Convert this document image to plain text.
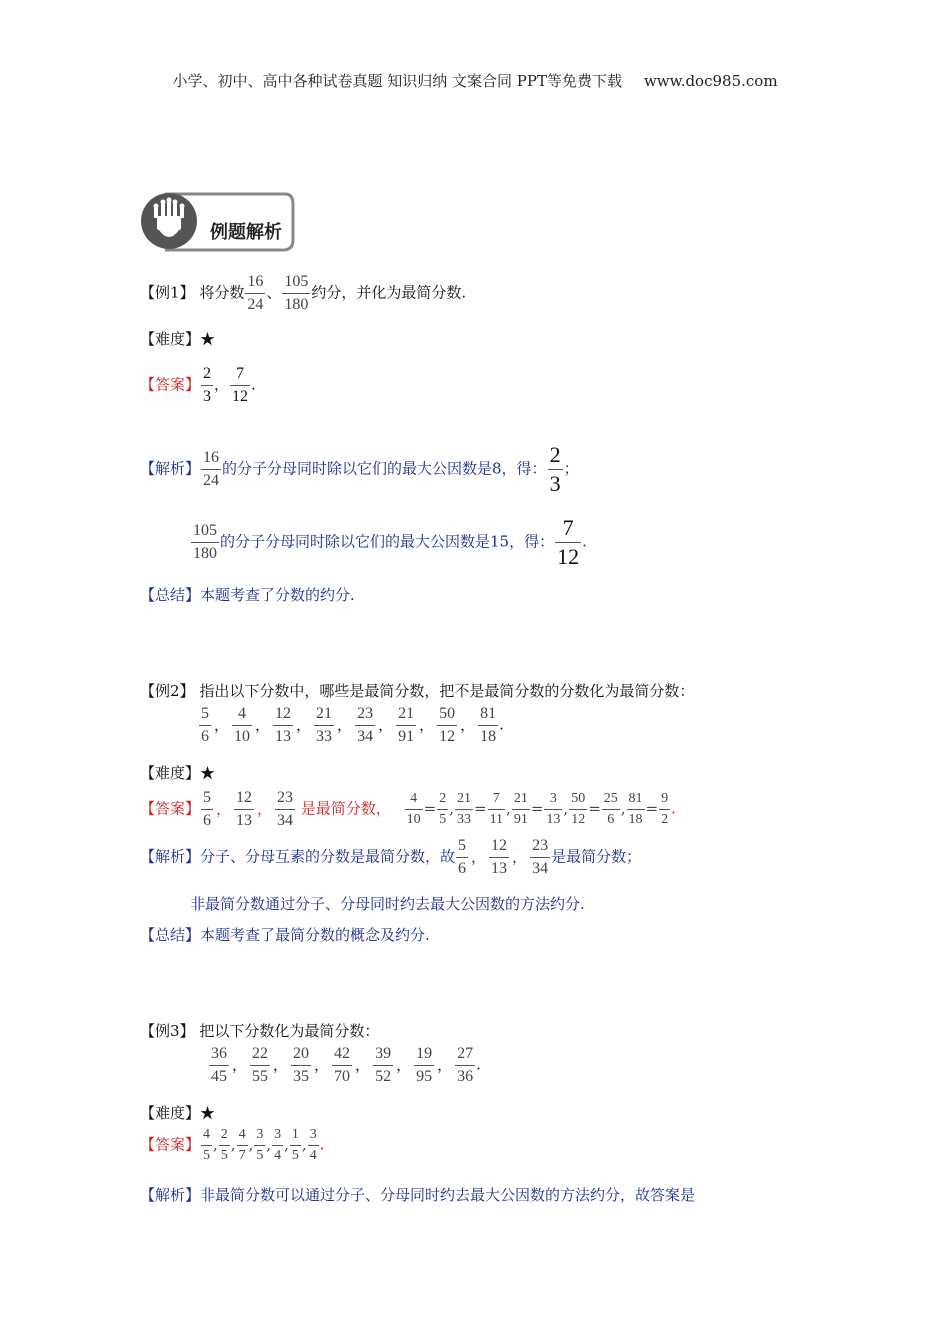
小学、初中、高中各种试卷真题 知识归纳 文案合同 PPT等免费下载 www.doc985.com
例题解析
【例1】 将分数 $\frac{16}{24}$ 、 $\frac{105}{180}$ 约分，并化为最简分数.
【难度】★
【答案】 $\frac{2}{3}$ ， $\frac{7}{12}$ .
【解析】 $\frac{16}{24}$ 的分子分母同时除以它们的最大公因数是8，得： $\frac{2}{3}$ ；
$\frac{105}{180}$ 的分子分母同时除以它们的最大公因数是15，得： $\frac{7}{12}$ .
【总结】本题考查了分数的约分.
【例2】 指出以下分数中，哪些是最简分数，把不是最简分数的分数化为最简分数：
$\frac{5}{6}$ ， $\frac{4}{10}$ ， $\frac{12}{13}$ ， $\frac{21}{33}$ ， $\frac{23}{34}$ ， $\frac{21}{91}$ ， $\frac{50}{12}$ ， $\frac{81}{18}$ .
【难度】★
【答案】 $\frac{5}{6}$ ， $\frac{12}{13}$ ， $\frac{23}{34}$ 是最简分数， $\frac{4}{10} = \frac{2}{5}$ , $\frac{21}{33} = \frac{7}{11}$ , $\frac{21}{91} = \frac{3}{13}$ , $\frac{50}{12} = \frac{25}{6}$ , $\frac{81}{18} = \frac{9}{2}$ .
【解析】分子、分母互素的分数是最简分数，故 $\frac{5}{6}$ ， $\frac{12}{13}$ ， $\frac{23}{34}$ 是最简分数；
非最简分数通过分子、分母同时约去最大公因数的方法约分.
【总结】本题考查了最简分数的概念及约分.
【例3】 把以下分数化为最简分数：
$\frac{36}{45}$ ， $\frac{22}{55}$ ， $\frac{20}{35}$ ， $\frac{42}{70}$ ， $\frac{39}{52}$ ， $\frac{19}{95}$ ， $\frac{27}{36}$ .
【难度】★
【答案】 $\frac{4}{5}$ , $\frac{2}{5}$ , $\frac{4}{7}$ , $\frac{3}{5}$ , $\frac{3}{4}$ , $\frac{1}{5}$ , $\frac{3}{4}$ .
【解析】非最简分数可以通过分子、分母同时约去最大公因数的方法约分，故答案是
